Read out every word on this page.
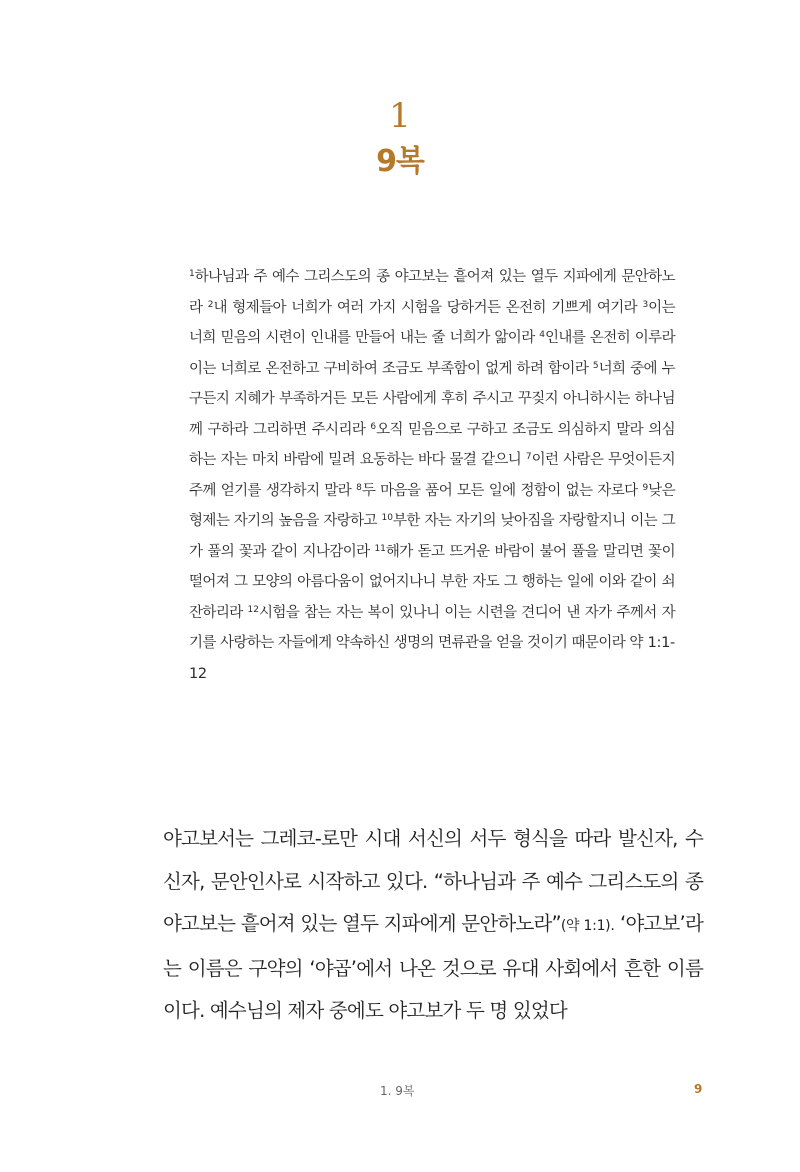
1
9복
$^1$하나님과 주 예수 그리스도의 종 야고보는 흩어져 있는 열두 지파에게 문안하노라 $^2$내 형제들아 너희가 여러 가지 시험을 당하거든 온전히 기쁘게 여기라 $^3$이는 너희 믿음의 시련이 인내를 만들어 내는 줄 너희가 앎이라 $^4$인내를 온전히 이루라 이는 너희로 온전하고 구비하여 조금도 부족함이 없게 하려 함이라 $^5$너희 중에 누구든지 지혜가 부족하거든 모든 사람에게 후히 주시고 꾸짖지 아니하시는 하나님께 구하라 그리하면 주시리라 $^6$오직 믿음으로 구하고 조금도 의심하지 말라 의심하는 자는 마치 바람에 밀려 요동하는 바다 물결 같으니 $^7$이런 사람은 무엇이든지 주께 얻기를 생각하지 말라 $^8$두 마음을 품어 모든 일에 정함이 없는 자로다 $^9$낮은 형제는 자기의 높음을 자랑하고 $^{10}$부한 자는 자기의 낮아짐을 자랑할지니 이는 그가 풀의 꽃과 같이 지나감이라 $^{11}$해가 돋고 뜨거운 바람이 불어 풀을 말리면 꽃이 떨어져 그 모양의 아름다움이 없어지나니 부한 자도 그 행하는 일에 이와 같이 쇠잔하리라 $^{12}$시험을 참는 자는 복이 있나니 이는 시련을 견디어 낸 자가 주께서 자기를 사랑하는 자들에게 약속하신 생명의 면류관을 얻을 것이기 때문이라 약 1:1-12
야고보서는 그레코-로만 시대 서신의 서두 형식을 따라 발신자, 수신자, 문안인사로 시작하고 있다. “하나님과 주 예수 그리스도의 종 야고보는 흩어져 있는 열두 지파에게 문안하노라”(약 1:1). ‘야고보’라는 이름은 구약의 ‘야곱’에서 나온 것으로 유대 사회에서 흔한 이름이다. 예수님의 제자 중에도 야고보가 두 명 있었다
1. 9복	9
